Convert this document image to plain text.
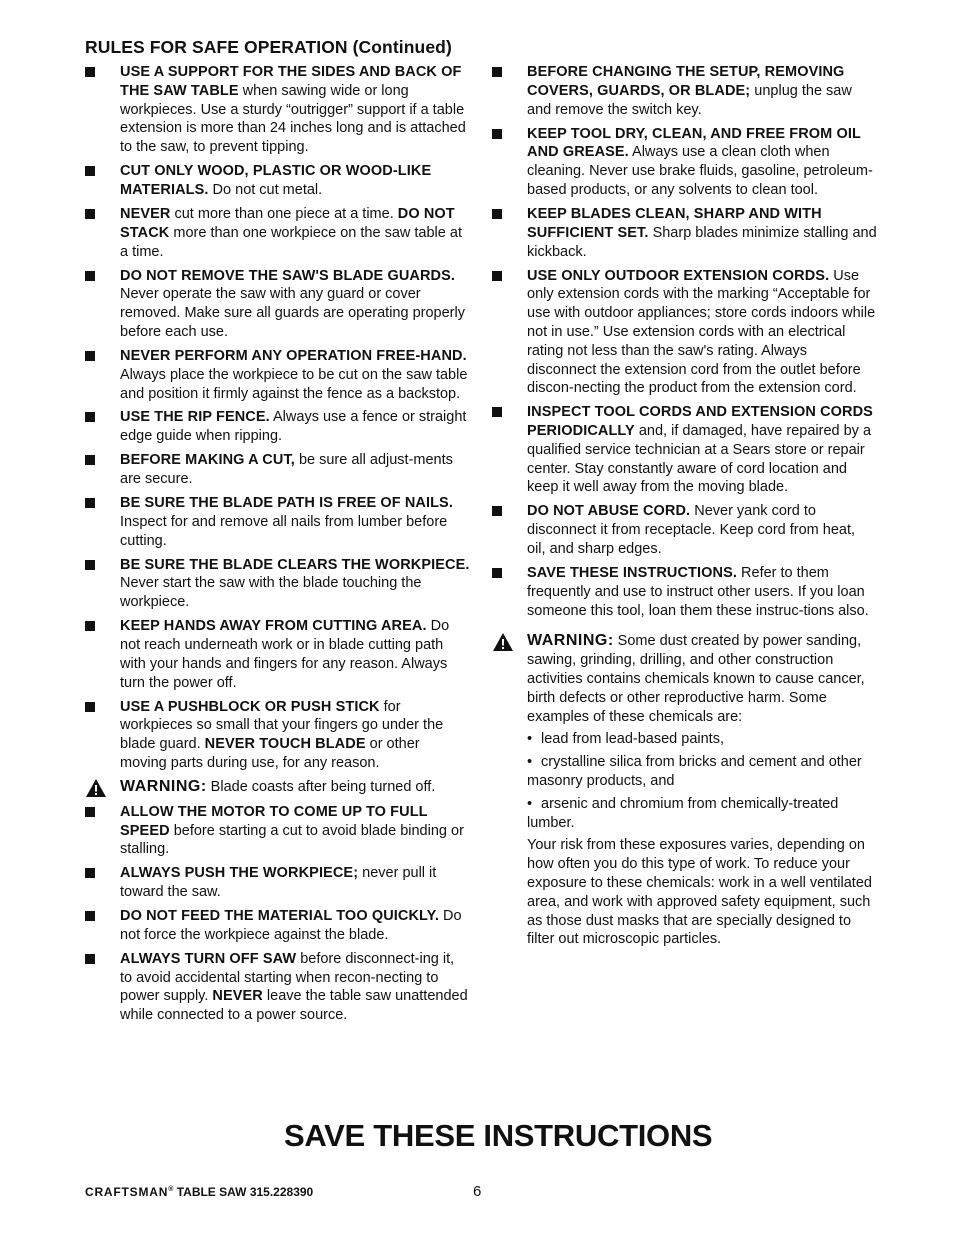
RULES FOR SAFE OPERATION (Continued)
USE A SUPPORT FOR THE SIDES AND BACK OF THE SAW TABLE when sawing wide or long workpieces. Use a sturdy “outrigger” support if a table extension is more than 24 inches long and is attached to the saw, to prevent tipping.
CUT ONLY WOOD, PLASTIC OR WOOD-LIKE MATERIALS. Do not cut metal.
NEVER cut more than one piece at a time. DO NOT STACK more than one workpiece on the saw table at a time.
DO NOT REMOVE THE SAW'S BLADE GUARDS. Never operate the saw with any guard or cover removed. Make sure all guards are operating properly before each use.
NEVER PERFORM ANY OPERATION FREE-HAND. Always place the workpiece to be cut on the saw table and position it firmly against the fence as a backstop.
USE THE RIP FENCE. Always use a fence or straight edge guide when ripping.
BEFORE MAKING A CUT, be sure all adjust-ments are secure.
BE SURE THE BLADE PATH IS FREE OF NAILS. Inspect for and remove all nails from lumber before cutting.
BE SURE THE BLADE CLEARS THE WORKPIECE. Never start the saw with the blade touching the workpiece.
KEEP HANDS AWAY FROM CUTTING AREA. Do not reach underneath work or in blade cutting path with your hands and fingers for any reason. Always turn the power off.
USE A PUSHBLOCK OR PUSH STICK for workpieces so small that your fingers go under the blade guard. NEVER TOUCH BLADE or other moving parts during use, for any reason.
WARNING: Blade coasts after being turned off.
ALLOW THE MOTOR TO COME UP TO FULL SPEED before starting a cut to avoid blade binding or stalling.
ALWAYS PUSH THE WORKPIECE; never pull it toward the saw.
DO NOT FEED THE MATERIAL TOO QUICKLY. Do not force the workpiece against the blade.
ALWAYS TURN OFF SAW before disconnect-ing it, to avoid accidental starting when recon-necting to power supply. NEVER leave the table saw unattended while connected to a power source.
BEFORE CHANGING THE SETUP, REMOVING COVERS, GUARDS, OR BLADE; unplug the saw and remove the switch key.
KEEP TOOL DRY, CLEAN, AND FREE FROM OIL AND GREASE. Always use a clean cloth when cleaning. Never use brake fluids, gasoline, petroleum-based products, or any solvents to clean tool.
KEEP BLADES CLEAN, SHARP AND WITH SUFFICIENT SET. Sharp blades minimize stalling and kickback.
USE ONLY OUTDOOR EXTENSION CORDS. Use only extension cords with the marking “Acceptable for use with outdoor appliances; store cords indoors while not in use.” Use extension cords with an electrical rating not less than the saw's rating. Always disconnect the extension cord from the outlet before discon-necting the product from the extension cord.
INSPECT TOOL CORDS AND EXTENSION CORDS PERIODICALLY and, if damaged, have repaired by a qualified service technician at a Sears store or repair center. Stay constantly aware of cord location and keep it well away from the moving blade.
DO NOT ABUSE CORD. Never yank cord to disconnect it from receptacle. Keep cord from heat, oil, and sharp edges.
SAVE THESE INSTRUCTIONS. Refer to them frequently and use to instruct other users. If you loan someone this tool, loan them these instruc-tions also.
WARNING: Some dust created by power sanding, sawing, grinding, drilling, and other construction activities contains chemicals known to cause cancer, birth defects or other reproductive harm. Some examples of these chemicals are:
• lead from lead-based paints,
• crystalline silica from bricks and cement and other masonry products, and
• arsenic and chromium from chemically-treated lumber.
Your risk from these exposures varies, depending on how often you do this type of work. To reduce your exposure to these chemicals: work in a well ventilated area, and work with approved safety equipment, such as those dust masks that are specially designed to filter out microscopic particles.
SAVE THESE INSTRUCTIONS
CRAFTSMAN® TABLE SAW 315.228390	6
